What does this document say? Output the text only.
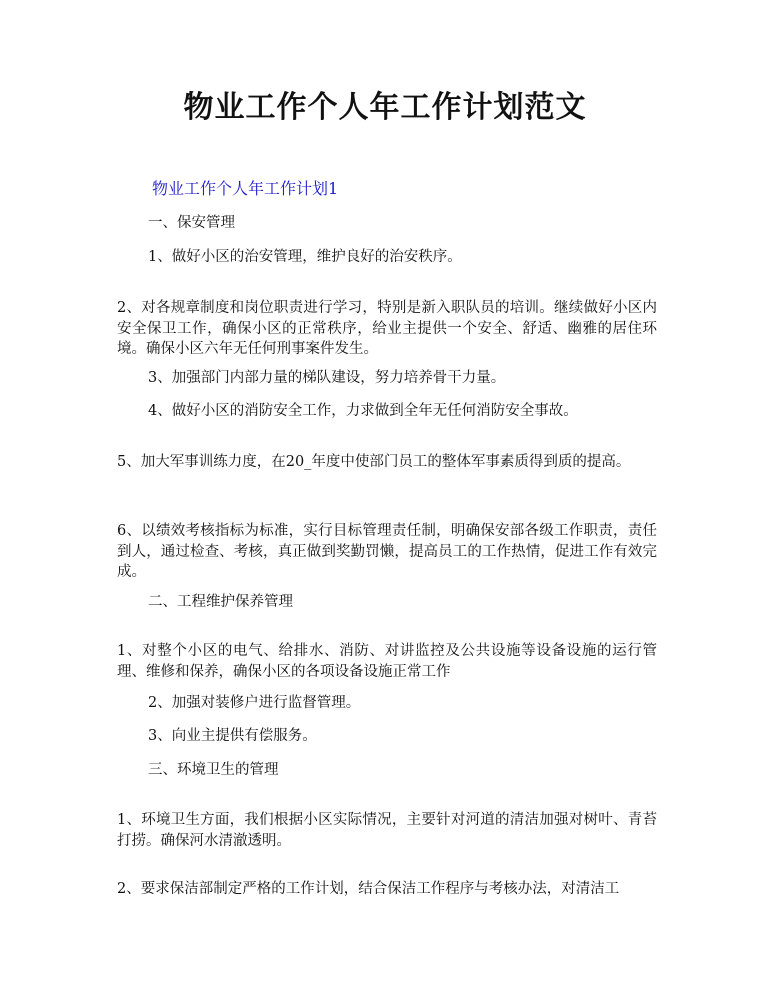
物业工作个人年工作计划范文
物业工作个人年工作计划1
一、保安管理
1、做好小区的治安管理，维护良好的治安秩序。
2、对各规章制度和岗位职责进行学习，特别是新入职队员的培训。继续做好小区内安全保卫工作，确保小区的正常秩序，给业主提供一个安全、舒适、幽雅的居住环境。确保小区六年无任何刑事案件发生。
3、加强部门内部力量的梯队建设，努力培养骨干力量。
4、做好小区的消防安全工作，力求做到全年无任何消防安全事故。
5、加大军事训练力度，在20_年度中使部门员工的整体军事素质得到质的提高。
6、以绩效考核指标为标准，实行目标管理责任制，明确保安部各级工作职责，责任到人，通过检查、考核，真正做到奖勤罚懒，提高员工的工作热情，促进工作有效完成。
二、工程维护保养管理
1、对整个小区的电气、给排水、消防、对讲监控及公共设施等设备设施的运行管理、维修和保养，确保小区的各项设备设施正常工作
2、加强对装修户进行监督管理。
3、向业主提供有偿服务。
三、环境卫生的管理
1、环境卫生方面，我们根据小区实际情况，主要针对河道的清洁加强对树叶、青苔打捞。确保河水清澈透明。
2、要求保洁部制定严格的工作计划，结合保洁工作程序与考核办法，对清洁工
